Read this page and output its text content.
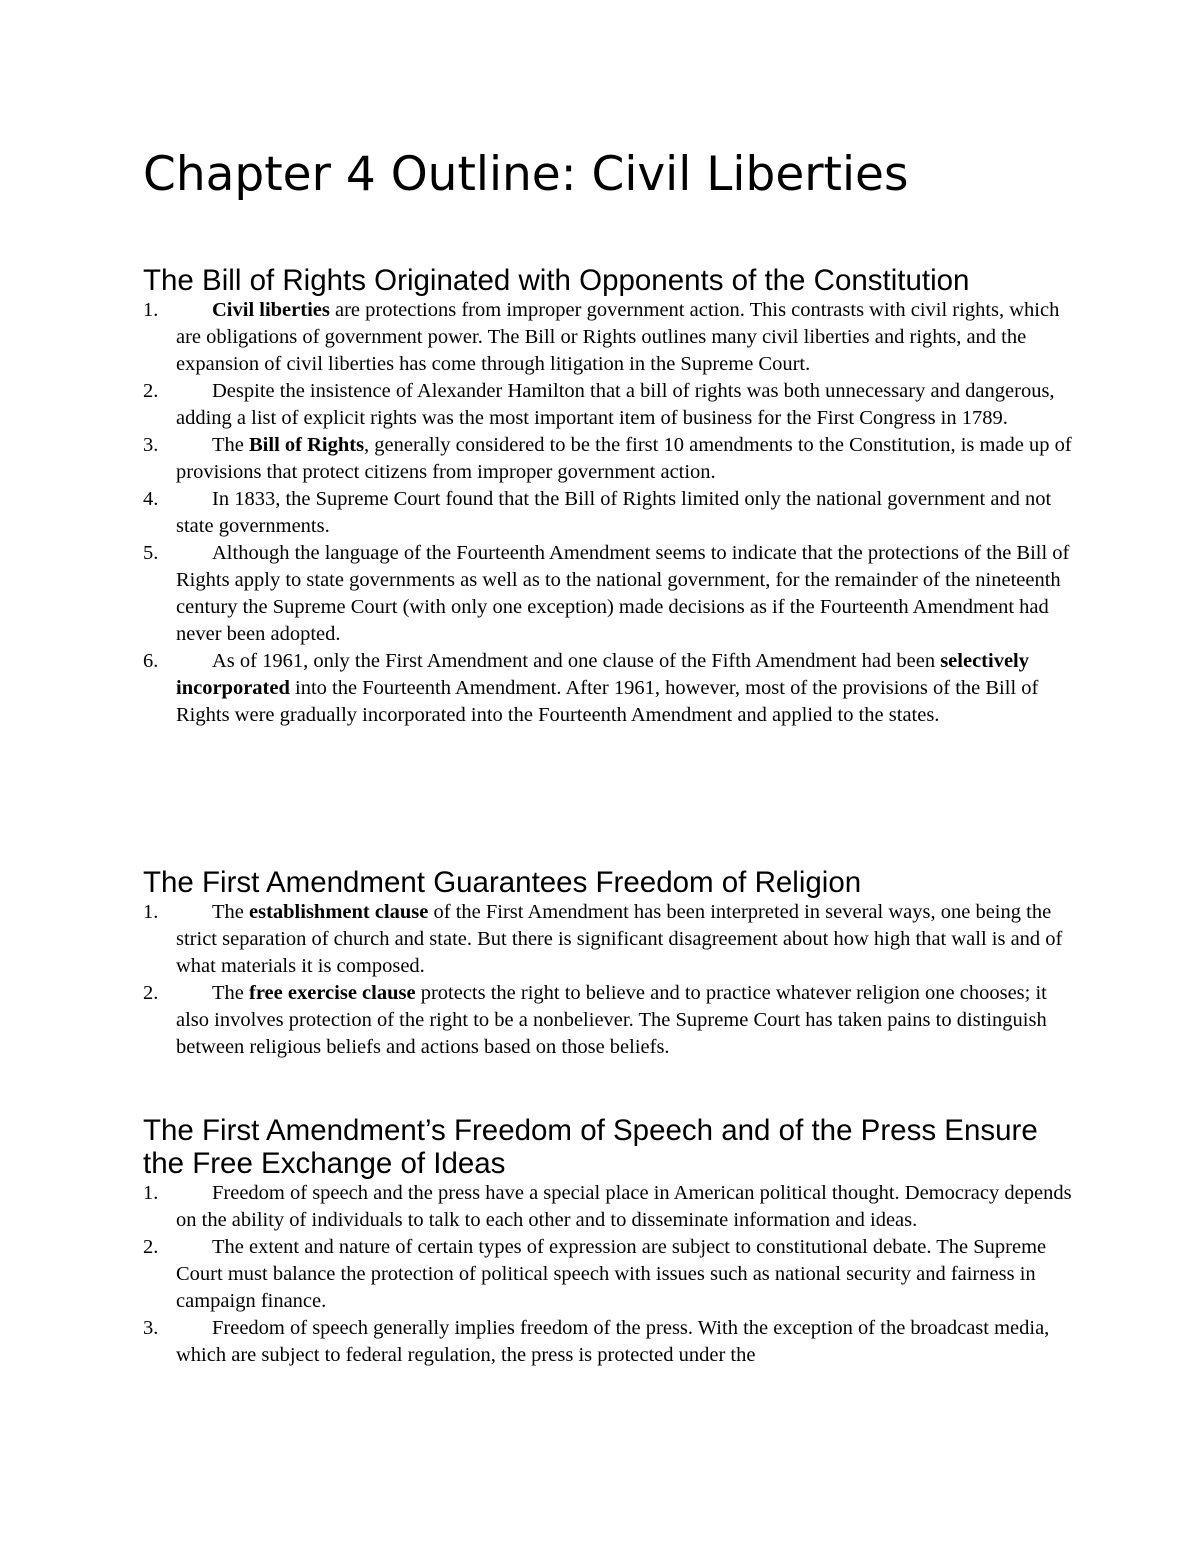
Chapter 4 Outline: Civil Liberties
The Bill of Rights Originated with Opponents of the Constitution
1.	Civil liberties are protections from improper government action. This contrasts with civil rights, which are obligations of government power. The Bill or Rights outlines many civil liberties and rights, and the expansion of civil liberties has come through litigation in the Supreme Court.
2.	Despite the insistence of Alexander Hamilton that a bill of rights was both unnecessary and dangerous, adding a list of explicit rights was the most important item of business for the First Congress in 1789.
3.	The Bill of Rights, generally considered to be the first 10 amendments to the Constitution, is made up of provisions that protect citizens from improper government action.
4.	In 1833, the Supreme Court found that the Bill of Rights limited only the national government and not state governments.
5.	Although the language of the Fourteenth Amendment seems to indicate that the protections of the Bill of Rights apply to state governments as well as to the national government, for the remainder of the nineteenth century the Supreme Court (with only one exception) made decisions as if the Fourteenth Amendment had never been adopted.
6.	As of 1961, only the First Amendment and one clause of the Fifth Amendment had been selectively incorporated into the Fourteenth Amendment. After 1961, however, most of the provisions of the Bill of Rights were gradually incorporated into the Fourteenth Amendment and applied to the states.
The First Amendment Guarantees Freedom of Religion
1.	The establishment clause of the First Amendment has been interpreted in several ways, one being the strict separation of church and state. But there is significant disagreement about how high that wall is and of what materials it is composed.
2.	The free exercise clause protects the right to believe and to practice whatever religion one chooses; it also involves protection of the right to be a nonbeliever. The Supreme Court has taken pains to distinguish between religious beliefs and actions based on those beliefs.
The First Amendment’s Freedom of Speech and of the Press Ensure the Free Exchange of Ideas
1.	Freedom of speech and the press have a special place in American political thought. Democracy depends on the ability of individuals to talk to each other and to disseminate information and ideas.
2.	The extent and nature of certain types of expression are subject to constitutional debate. The Supreme Court must balance the protection of political speech with issues such as national security and fairness in campaign finance.
3.	Freedom of speech generally implies freedom of the press. With the exception of the broadcast media, which are subject to federal regulation, the press is protected under the
